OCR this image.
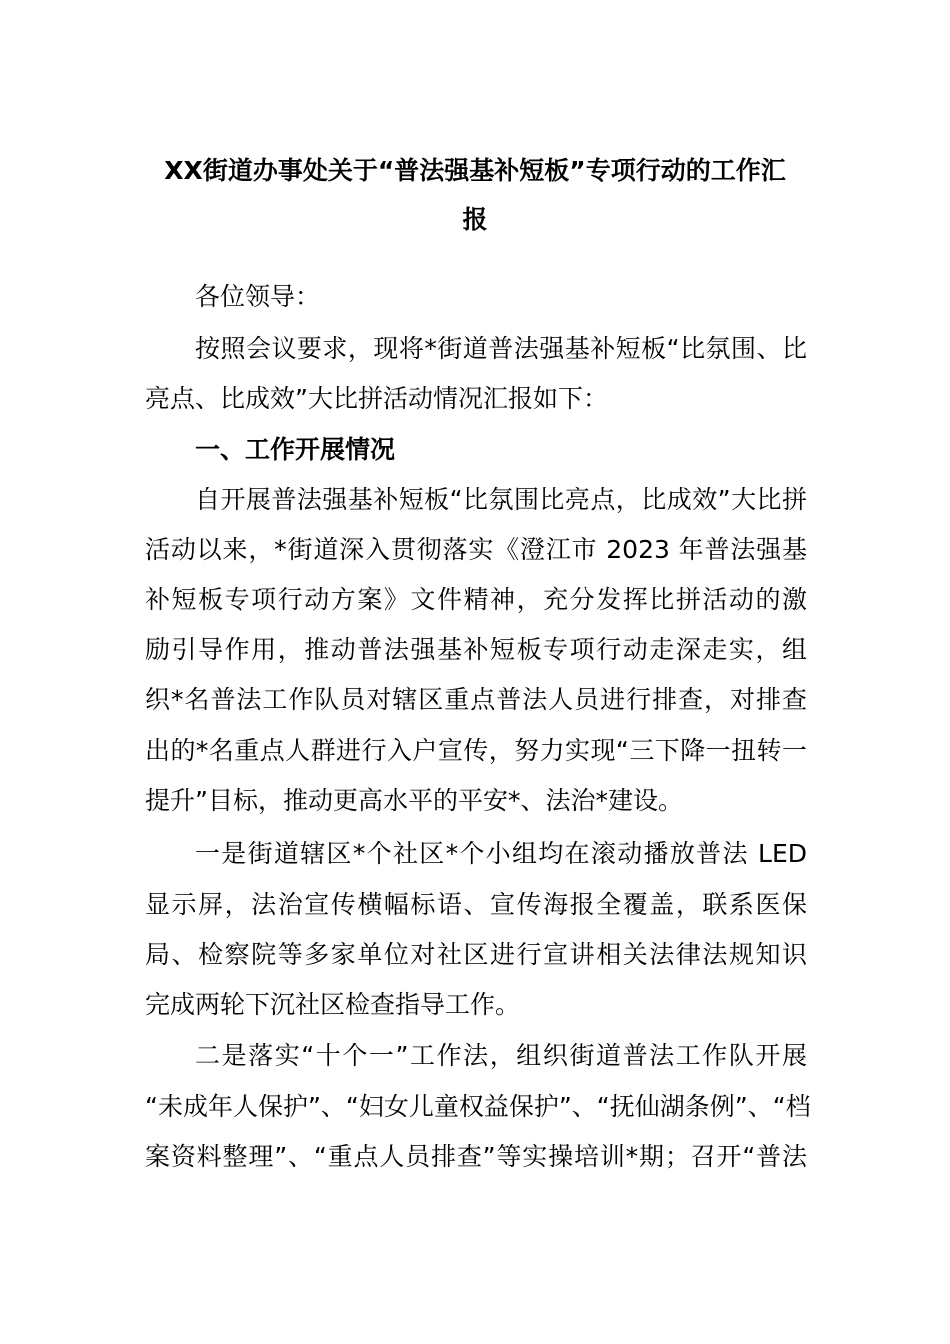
XX街道办事处关于“普法强基补短板”专项行动的工作汇
报

各位领导：

按照会议要求，现将*街道普法强基补短板“比氛围、比

亮点、比成效”大比拼活动情况汇报如下：

一、工作开展情况

自开展普法强基补短板“比氛围比亮点，比成效”大比拼

活动以来，*街道深入贯彻落实《澄江市 2023 年普法强基

补短板专项行动方案》文件精神，充分发挥比拼活动的激

励引导作用，推动普法强基补短板专项行动走深走实，组

织*名普法工作队员对辖区重点普法人员进行排查，对排查

出的*名重点人群进行入户宣传，努力实现“三下降一扭转一

提升”目标，推动更高水平的平安*、法治*建设。

一是街道辖区*个社区*个小组均在滚动播放普法 LED

显示屏，法治宣传横幅标语、宣传海报全覆盖，联系医保

局、检察院等多家单位对社区进行宣讲相关法律法规知识

完成两轮下沉社区检查指导工作。

二是落实“十个一”工作法，组织街道普法工作队开展

“未成年人保护”、“妇女儿童权益保护”、“抚仙湖条例”、“档

案资料整理”、“重点人员排查”等实操培训*期；召开“普法
